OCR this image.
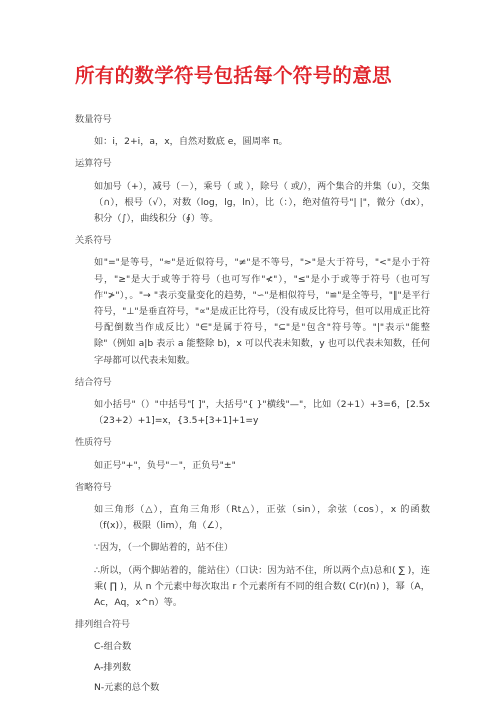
所有的数学符号包括每个符号的意思
数量符号
如：i，2+i，a，x，自然对数底 e，圆周率 π。
运算符号
如加号（+），减号（－），乘号（ 或 ），除号（ 或/），两个集合的并集（∪），交集（∩），根号（√），对数（log，lg，ln），比（：），绝对值符号"| |"，微分（dx），积分（∫），曲线积分（∮）等。
关系符号
如"="是等号，"≈"是近似符号，"≠"是不等号，">"是大于符号，"<"是小于符号，"≥"是大于或等于符号（也可写作"≮"），"≤"是小于或等于符号（也可写作"≯"），。"→ "表示变量变化的趋势，"∽"是相似符号，"≌"是全等号，"∥"是平行符号，"⊥"是垂直符号，"∝"是成正比符号，（没有成反比符号，但可以用成正比符号配倒数当作成反比）"∈"是属于符号，"⊆"是"包含"符号等。"|"表示"能整除"（例如 a|b 表示 a 能整除 b)，x 可以代表未知数，y 也可以代表未知数，任何字母都可以代表未知数。
结合符号
如小括号"（）"中括号"[ ]"，大括号"{ }"横线"—"，比如（2+1）+3=6，[2.5x（23+2）+1]=x，{3.5+[3+1]+1=y
性质符号
如正号"+"，负号"－"，正负号"±"
省略符号
如三角形（△），直角三角形（Rt△），正弦（sin），余弦（cos），x 的函数（f(x)），极限（lim），角（∠），
∵因为，（一个脚站着的，站不住）
∴所以，（两个脚站着的，能站住）（口诀：因为站不住，所以两个点)总和( ∑ )，连乘( ∏ )，从 n 个元素中每次取出 r 个元素所有不同的组合数( C(r)(n) )，幂（A，Ac，Aq，x^n）等。
排列组合符号
C-组合数
A-排列数
N-元素的总个数
